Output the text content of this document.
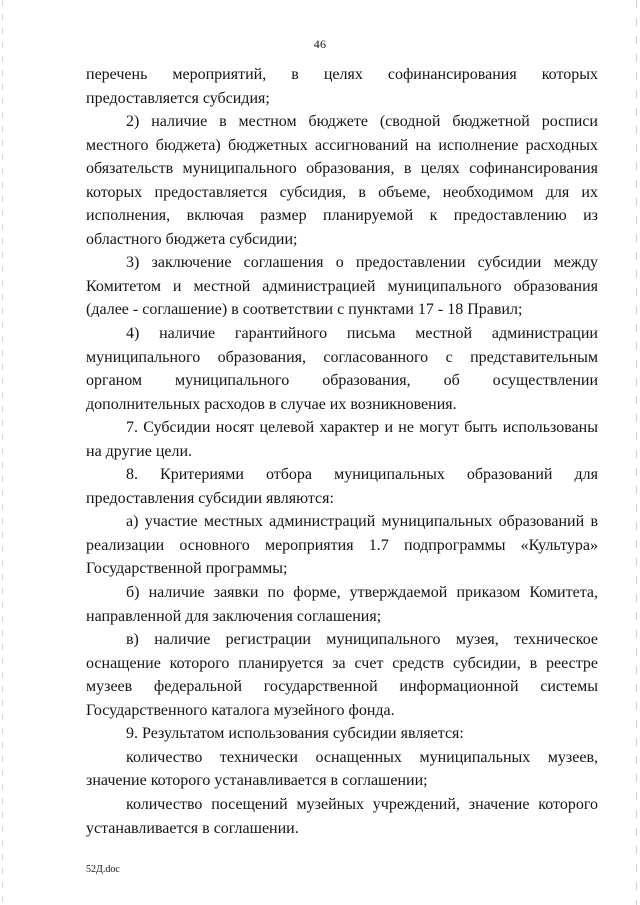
46

перечень мероприятий, в целях софинансирования которых предоставляется субсидия;

2) наличие в местном бюджете (сводной бюджетной росписи местного бюджета) бюджетных ассигнований на исполнение расходных обязательств муниципального образования, в целях софинансирования которых предоставляется субсидия, в объеме, необходимом для их исполнения, включая размер планируемой к предоставлению из областного бюджета субсидии;

3) заключение соглашения о предоставлении субсидии между Комитетом и местной администрацией муниципального образования (далее - соглашение) в соответствии с пунктами 17 - 18 Правил;

4) наличие гарантийного письма местной администрации муниципального образования, согласованного с представительным органом муниципального образования, об осуществлении дополнительных расходов в случае их возникновения.

7. Субсидии носят целевой характер и не могут быть использованы на другие цели.

8. Критериями отбора муниципальных образований для предоставления субсидии являются:

а) участие местных администраций муниципальных образований в реализации основного мероприятия 1.7 подпрограммы «Культура» Государственной программы;

б) наличие заявки по форме, утверждаемой приказом Комитета, направленной для заключения соглашения;

в) наличие регистрации муниципального музея, техническое оснащение которого планируется за счет средств субсидии, в реестре музеев федеральной государственной информационной системы Государственного каталога музейного фонда.

9. Результатом использования субсидии является:

количество технически оснащенных муниципальных музеев, значение которого устанавливается в соглашении;

количество посещений музейных учреждений, значение которого устанавливается в соглашении.

52Д.doc
